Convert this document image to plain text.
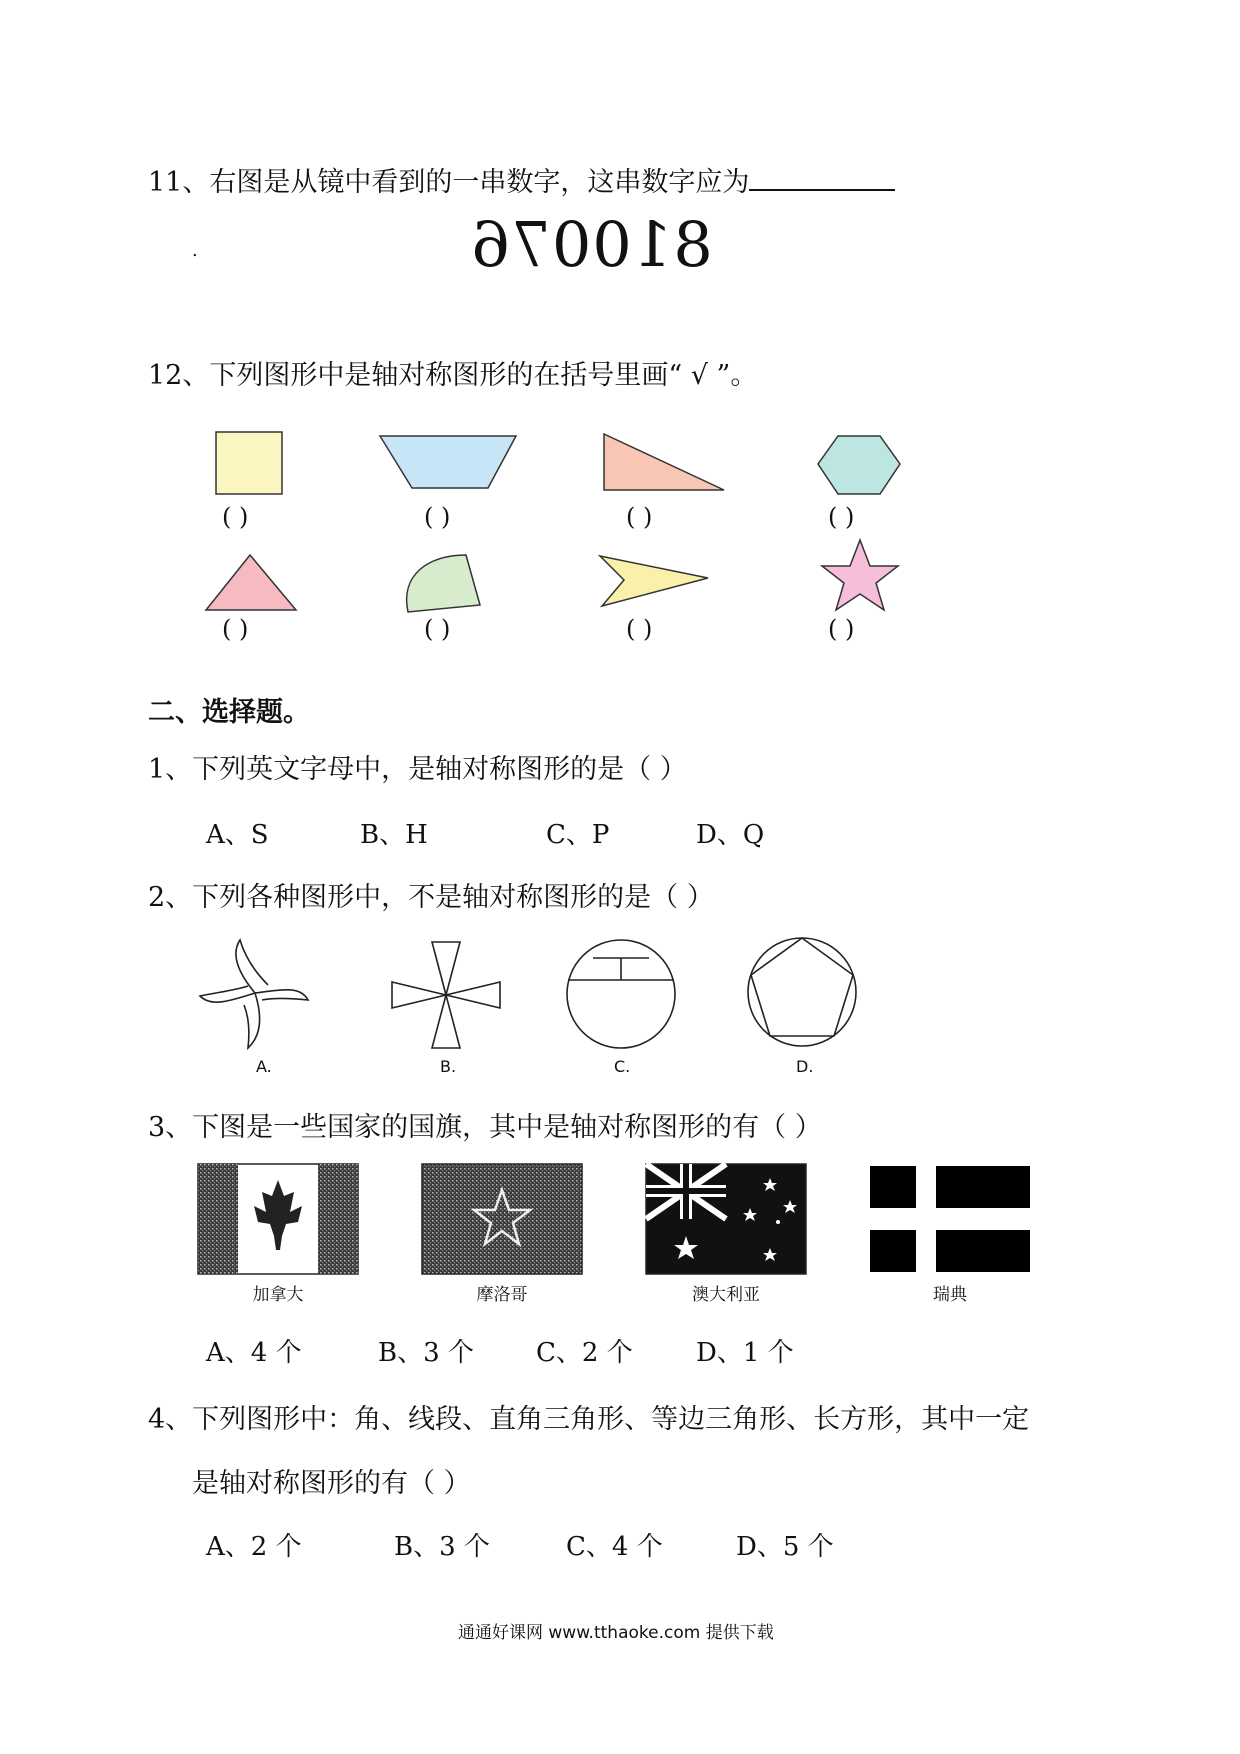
11、右图是从镜中看到的一串数字，这串数字应为
.	810076
12、下列图形中是轴对称图形的在括号里画“ √ ”。
( )	( )	( )	( )
( )	( )	( )	( )
二、选择题。
1、下列英文字母中，是轴对称图形的是（ ）
A、S	B、H	C、P	D、Q
2、下列各种图形中，不是轴对称图形的是（ ）
A.	B.	C.	D.
3、下图是一些国家的国旗，其中是轴对称图形的有（ ）
加拿大	摩洛哥	澳大利亚	瑞典
A、4 个	B、3 个 C、2 个 D、1 个
4、下列图形中：角、线段、直角三角形、等边三角形、长方形，其中一定
是轴对称图形的有（ ）
A、2 个	B、3 个	C、4 个	D、5 个
通通好课网 www.tthaoke.com 提供下载
